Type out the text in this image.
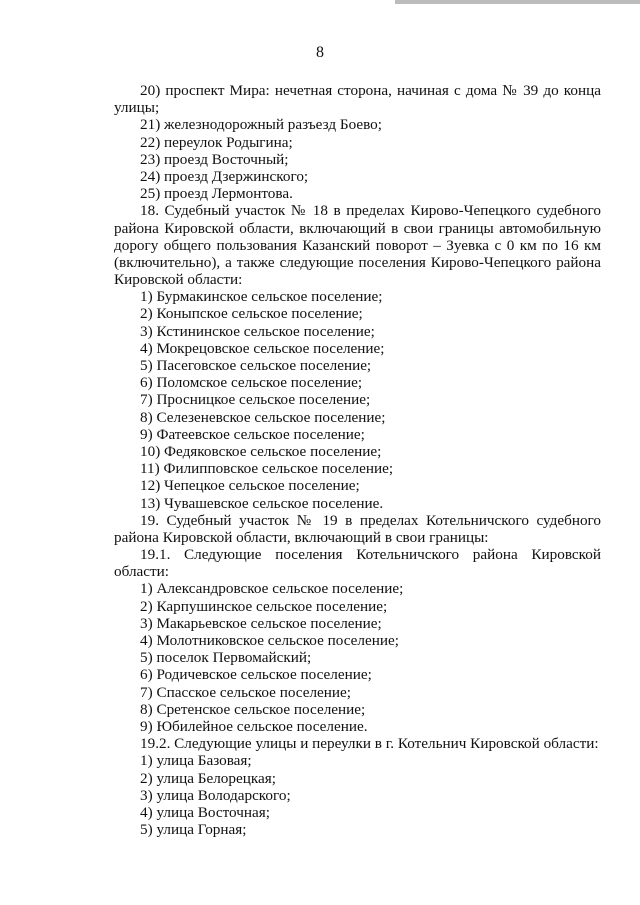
8
20) проспект Мира: нечетная сторона, начиная с дома № 39 до конца
улицы;
21) железнодорожный разъезд Боево;
22) переулок Родыгина;
23) проезд Восточный;
24) проезд Дзержинского;
25) проезд Лермонтова.
18. Судебный участок № 18 в пределах Кирово-Чепецкого судебного
района Кировской области, включающий в свои границы автомобильную
дорогу общего пользования Казанский поворот – Зуевка с 0 км по 16 км
(включительно), а также следующие поселения Кирово-Чепецкого района
Кировской области:
1) Бурмакинское сельское поселение;
2) Коныпское сельское поселение;
3) Кстининское сельское поселение;
4) Мокрецовское сельское поселение;
5) Пасеговское сельское поселение;
6) Поломское сельское поселение;
7) Просницкое сельское поселение;
8) Селезеневское сельское поселение;
9) Фатеевское сельское поселение;
10) Федяковское сельское поселение;
11) Филипповское сельское поселение;
12) Чепецкое сельское поселение;
13) Чувашевское сельское поселение.
19. Судебный участок № 19 в пределах Котельничского судебного
района Кировской области, включающий в свои границы:
19.1. Следующие поселения Котельничского района Кировской
области:
1) Александровское сельское поселение;
2) Карпушинское сельское поселение;
3) Макарьевское сельское поселение;
4) Молотниковское сельское поселение;
5) поселок Первомайский;
6) Родичевское сельское поселение;
7) Спасское сельское поселение;
8) Сретенское сельское поселение;
9) Юбилейное сельское поселение.
19.2. Следующие улицы и переулки в г. Котельнич Кировской области:
1) улица Базовая;
2) улица Белорецкая;
3) улица Володарского;
4) улица Восточная;
5) улица Горная;
